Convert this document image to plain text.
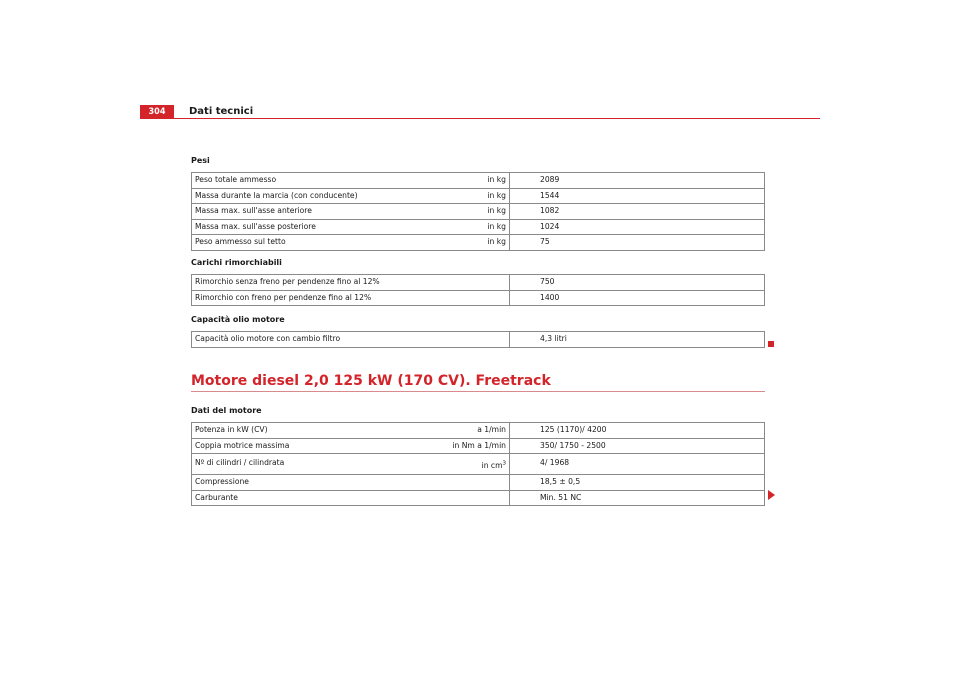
304	Dati tecnici
Pesi
Peso totale ammesso	in kg	2089
Massa durante la marcia (con conducente)	in kg	1544
Massa max. sull'asse anteriore	in kg	1082
Massa max. sull'asse posteriore	in kg	1024
Peso ammesso sul tetto	in kg	75
Carichi rimorchiabili
Rimorchio senza freno per pendenze fino al 12%		750
Rimorchio con freno per pendenze fino al 12%		1400
Capacità olio motore
Capacità olio motore con cambio filtro		4,3 litri
Motore diesel 2,0 125 kW (170 CV). Freetrack
Dati del motore
Potenza in kW (CV)	a 1/min	125 (1170)/ 4200
Coppia motrice massima	in Nm a 1/min	350/ 1750 - 2500
Nº di cilindri / cilindrata	in $cm^3$	4/ 1968
Compressione		18,5 ± 0,5
Carburante		Min. 51 NC
